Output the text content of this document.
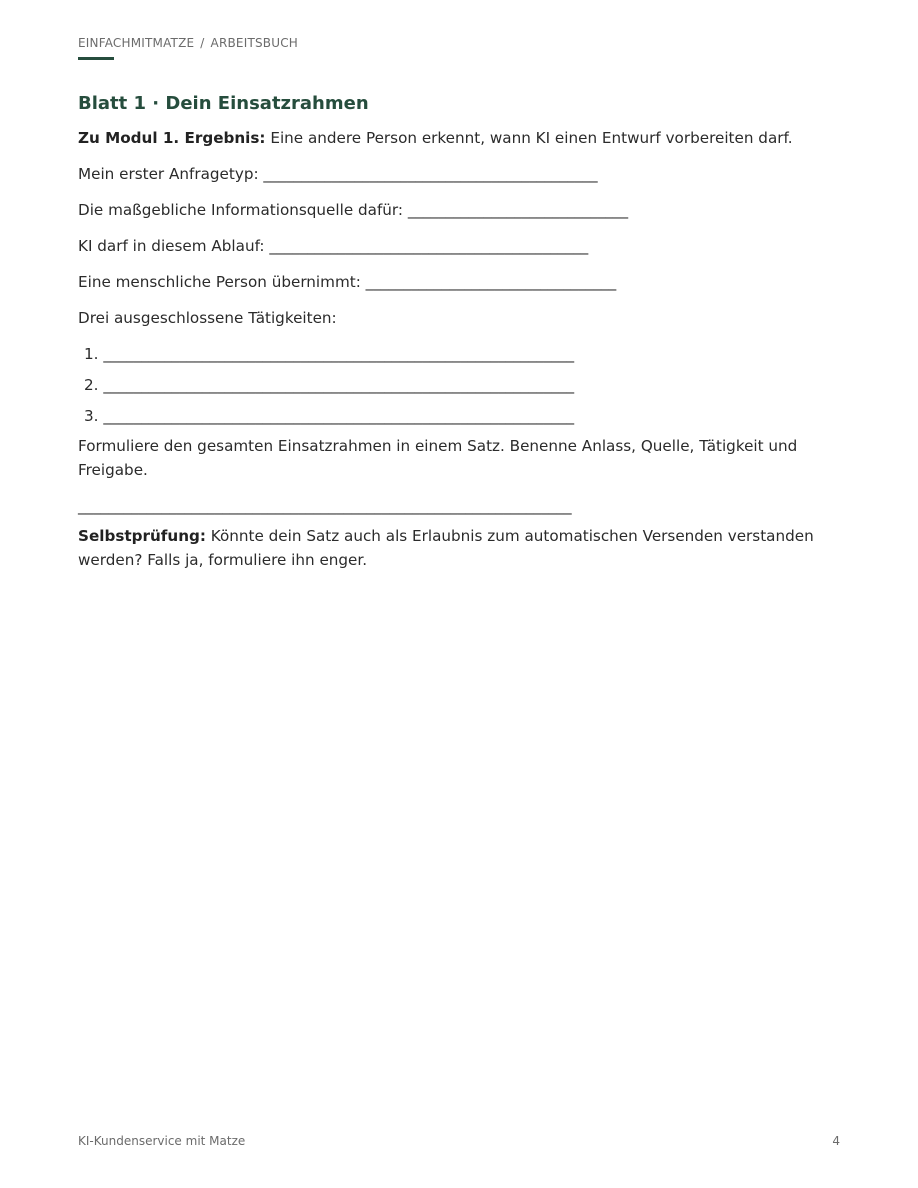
EINFACHMITMATZE / ARBEITSBUCH
Blatt 1 · Dein Einsatzrahmen

Zu Modul 1. Ergebnis: Eine andere Person erkennt, wann KI einen Entwurf vorbereiten darf.

Mein erster Anfragetyp: ____________________________________________

Die maßgebliche Informationsquelle dafür: _____________________________

KI darf in diesem Ablauf: __________________________________________

Eine menschliche Person übernimmt: _________________________________

Drei ausgeschlossene Tätigkeiten:

1. ______________________________________________________________
2. ______________________________________________________________
3. ______________________________________________________________

Formuliere den gesamten Einsatzrahmen in einem Satz. Benenne Anlass, Quelle, Tätigkeit und Freigabe.

_________________________________________________________________

Selbstprüfung: Könnte dein Satz auch als Erlaubnis zum automatischen Versenden verstanden werden? Falls ja, formuliere ihn enger.

KI-Kundenservice mit Matze	4
